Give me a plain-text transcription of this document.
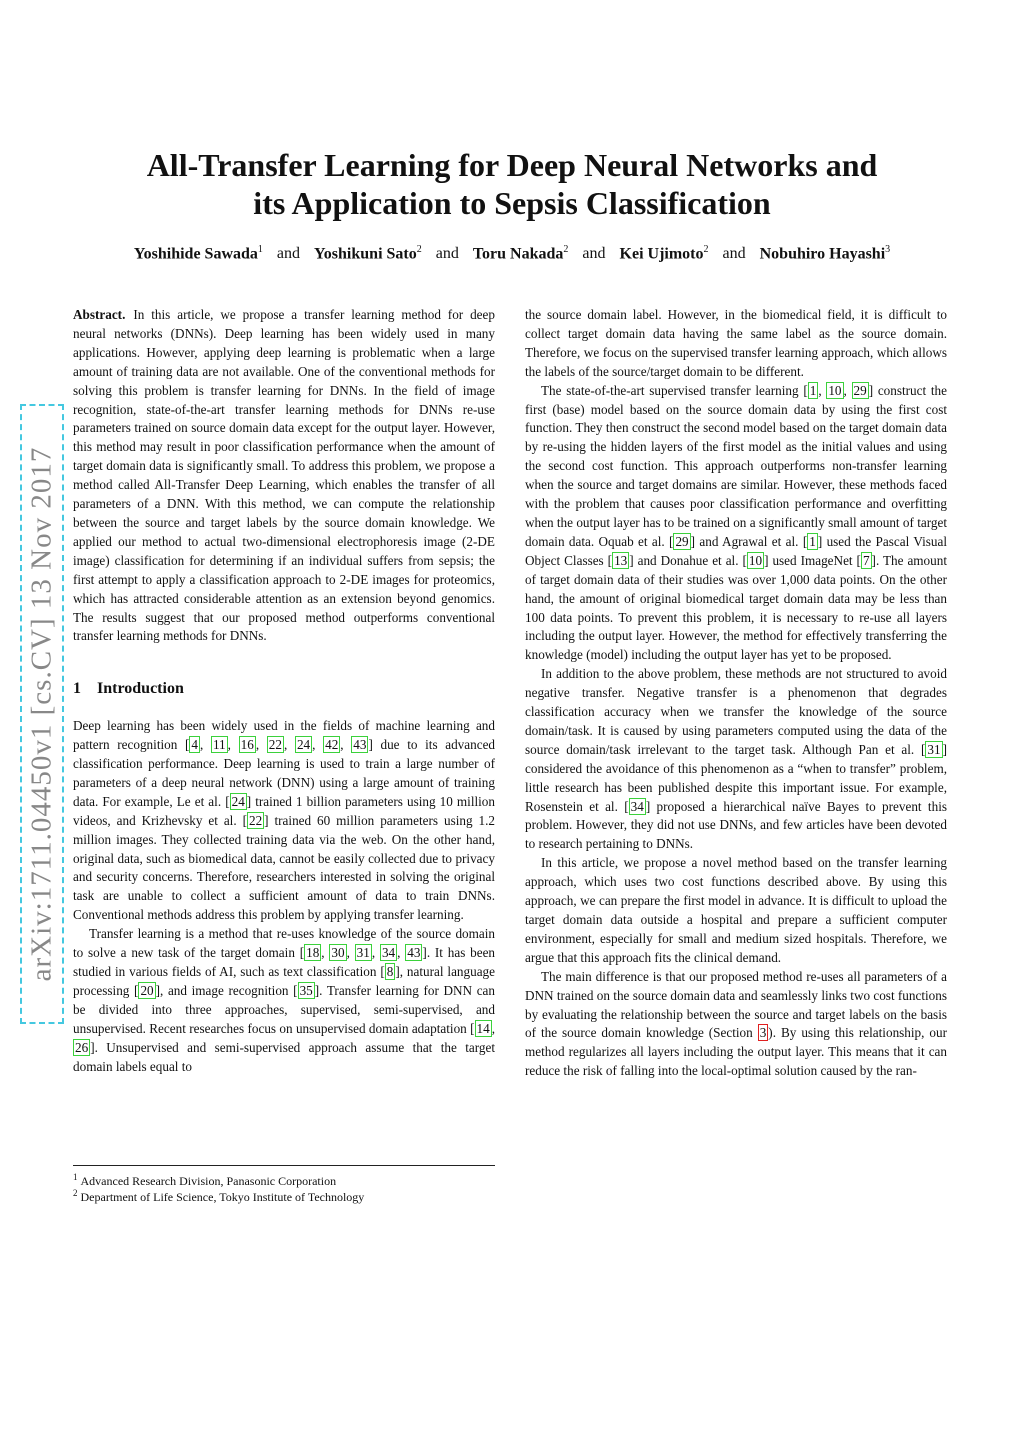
arXiv:1711.04450v1 [cs.CV] 13 Nov 2017
All-Transfer Learning for Deep Neural Networks and
its Application to Sepsis Classification
Yoshihide Sawada$^1$ and Yoshikuni Sato$^2$ and Toru Nakada$^2$ and Kei Ujimoto$^2$ and Nobuhiro Hayashi$^3$

Abstract. In this article, we propose a transfer learning method for deep neural networks (DNNs). Deep learning has been widely used in many applications. However, applying deep learning is problematic when a large amount of training data are not available. One of the conventional methods for solving this problem is transfer learning for DNNs. In the field of image recognition, state-of-the-art transfer learning methods for DNNs re-use parameters trained on source domain data except for the output layer. However, this method may result in poor classification performance when the amount of target domain data is significantly small. To address this problem, we propose a method called All-Transfer Deep Learning, which enables the transfer of all parameters of a DNN. With this method, we can compute the relationship between the source and target labels by the source domain knowledge. We applied our method to actual two-dimensional electrophoresis image (2-DE image) classification for determining if an individual suffers from sepsis; the first attempt to apply a classification approach to 2-DE images for proteomics, which has attracted considerable attention as an extension beyond genomics. The results suggest that our proposed method outperforms conventional transfer learning methods for DNNs.

1 Introduction

Deep learning has been widely used in the fields of machine learning and pattern recognition [ 4 , 11 , 16 , 22 , 24 , 42 , 43 ] due to its advanced classification performance. Deep learning is used to train a large number of parameters of a deep neural network (DNN) using a large amount of training data. For example, Le et al. [ 24 ] trained 1 billion parameters using 10 million videos, and Krizhevsky et al. [ 22 ] trained 60 million parameters using 1.2 million images. They collected training data via the web. On the other hand, original data, such as biomedical data, cannot be easily collected due to privacy and security concerns. Therefore, researchers interested in solving the original task are unable to collect a sufficient amount of data to train DNNs. Conventional methods address this problem by applying transfer learning.

Transfer learning is a method that re-uses knowledge of the source domain to solve a new task of the target domain [ 18 , 30 , 31 , 34 , 43 ]. It has been studied in various fields of AI, such as text classification [ 8 ], natural language processing [ 20 ], and image recognition [ 35 ]. Transfer learning for DNN can be divided into three approaches, supervised, semi-supervised, and unsupervised. Recent researches focus on unsupervised domain adaptation [ 14 , 26 ]. Unsupervised and semi-supervised approach assume that the target domain labels equal to

$^1$ Advanced Research Division, Panasonic Corporation
$^2$ Department of Life Science, Tokyo Institute of Technology

the source domain label. However, in the biomedical field, it is difficult to collect target domain data having the same label as the source domain. Therefore, we focus on the supervised transfer learning approach, which allows the labels of the source/target domain to be different.

The state-of-the-art supervised transfer learning [ 1 , 10 , 29 ] construct the first (base) model based on the source domain data by using the first cost function. They then construct the second model based on the target domain data by re-using the hidden layers of the first model as the initial values and using the second cost function. This approach outperforms non-transfer learning when the source and target domains are similar. However, these methods faced with the problem that causes poor classification performance and overfitting when the output layer has to be trained on a significantly small amount of target domain data. Oquab et al. [ 29 ] and Agrawal et al. [ 1 ] used the Pascal Visual Object Classes [ 13 ] and Donahue et al. [ 10 ] used ImageNet [ 7 ]. The amount of target domain data of their studies was over 1,000 data points. On the other hand, the amount of original biomedical target domain data may be less than 100 data points. To prevent this problem, it is necessary to re-use all layers including the output layer. However, the method for effectively transferring the knowledge (model) including the output layer has yet to be proposed.

In addition to the above problem, these methods are not structured to avoid negative transfer. Negative transfer is a phenomenon that degrades classification accuracy when we transfer the knowledge of the source domain/task. It is caused by using parameters computed using the data of the source domain/task irrelevant to the target task. Although Pan et al. [ 31 ] considered the avoidance of this phenomenon as a “when to transfer” problem, little research has been published despite this important issue. For example, Rosenstein et al. [ 34 ] proposed a hierarchical naïve Bayes to prevent this problem. However, they did not use DNNs, and few articles have been devoted to research pertaining to DNNs.

In this article, we propose a novel method based on the transfer learning approach, which uses two cost functions described above. By using this approach, we can prepare the first model in advance. It is difficult to upload the target domain data outside a hospital and prepare a sufficient computer environment, especially for small and medium sized hospitals. Therefore, we argue that this approach fits the clinical demand.

The main difference is that our proposed method re-uses all parameters of a DNN trained on the source domain data and seamlessly links two cost functions by evaluating the relationship between the source and target labels on the basis of the source domain knowledge (Section 3 ). By using this relationship, our method regularizes all layers including the output layer. This means that it can reduce the risk of falling into the local-optimal solution caused by the ran-
